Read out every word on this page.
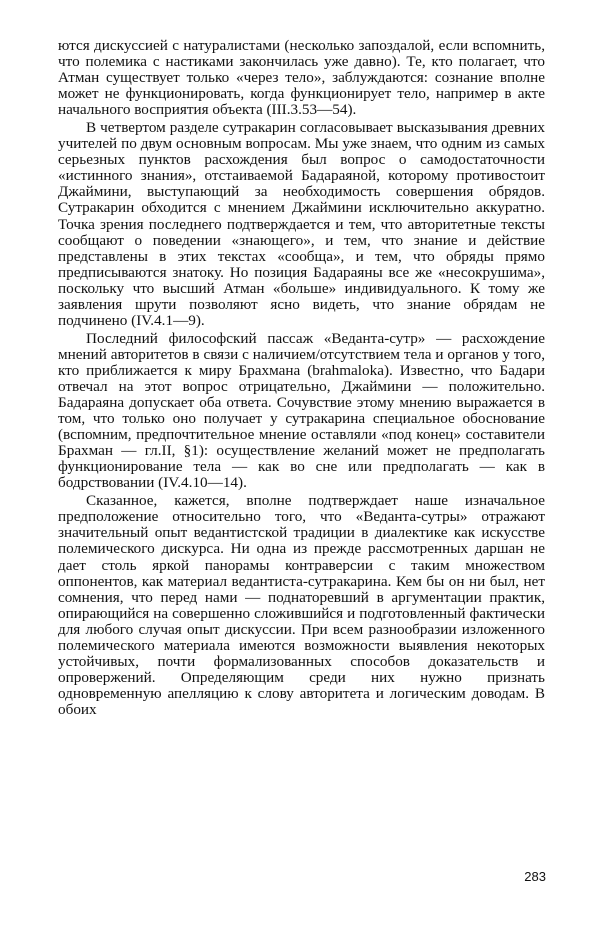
ются дискуссией с натуралистами (несколько запоздалой, если вспомнить, что полемика с настиками закончилась уже давно). Те, кто полагает, что Атман существует только «через тело», заблуждаются: сознание вполне может не функционировать, когда функционирует тело, например в акте начального восприятия объекта (III.3.53—54).

В четвертом разделе сутракарин согласовывает высказывания древних учителей по двум основным вопросам. Мы уже знаем, что одним из самых серьезных пунктов расхождения был вопрос о самодостаточности «истинного знания», отстаиваемой Бадараяной, которому противостоит Джаймини, выступающий за необходимость совершения обрядов. Сутракарин обходится с мнением Джаймини исключительно аккуратно. Точка зрения последнего подтверждается и тем, что авторитетные тексты сообщают о поведении «знающего», и тем, что знание и действие представлены в этих текстах «сообща», и тем, что обряды прямо предписываются знатоку. Но позиция Бадараяны все же «несокрушима», поскольку что высший Атман «больше» индивидуального. К тому же заявления шрути позволяют ясно видеть, что знание обрядам не подчинено (IV.4.1—9).

Последний философский пассаж «Веданта-сутр» — расхождение мнений авторитетов в связи с наличием/отсутствием тела и органов у того, кто приближается к миру Брахмана (brahmaloka). Известно, что Бадари отвечал на этот вопрос отрицательно, Джаймини — положительно. Бадараяна допускает оба ответа. Сочувствие этому мнению выражается в том, что только оно получает у сутракарина специальное обоснование (вспомним, предпочтительное мнение оставляли «под конец» составители Брахман — гл.II, §1): осуществление желаний может не предполагать функционирование тела — как во сне или предполагать — как в бодрствовании (IV.4.10—14).

Сказанное, кажется, вполне подтверждает наше изначальное предположение относительно того, что «Веданта-сутры» отражают значительный опыт ведантистской традиции в диалектике как искусстве полемического дискурса. Ни одна из прежде рассмотренных даршан не дает столь яркой панорамы контраверсии с таким множеством оппонентов, как материал ведантиста-сутракарина. Кем бы он ни был, нет сомнения, что перед нами — поднаторевший в аргументации практик, опирающийся на совершенно сложившийся и подготовленный фактически для любого случая опыт дискуссии. При всем разнообразии изложенного полемического материала имеются возможности выявления некоторых устойчивых, почти формализованных способов доказательств и опровержений. Определяющим среди них нужно признать одновременную апелляцию к слову авторитета и логическим доводам. В обоих

283
